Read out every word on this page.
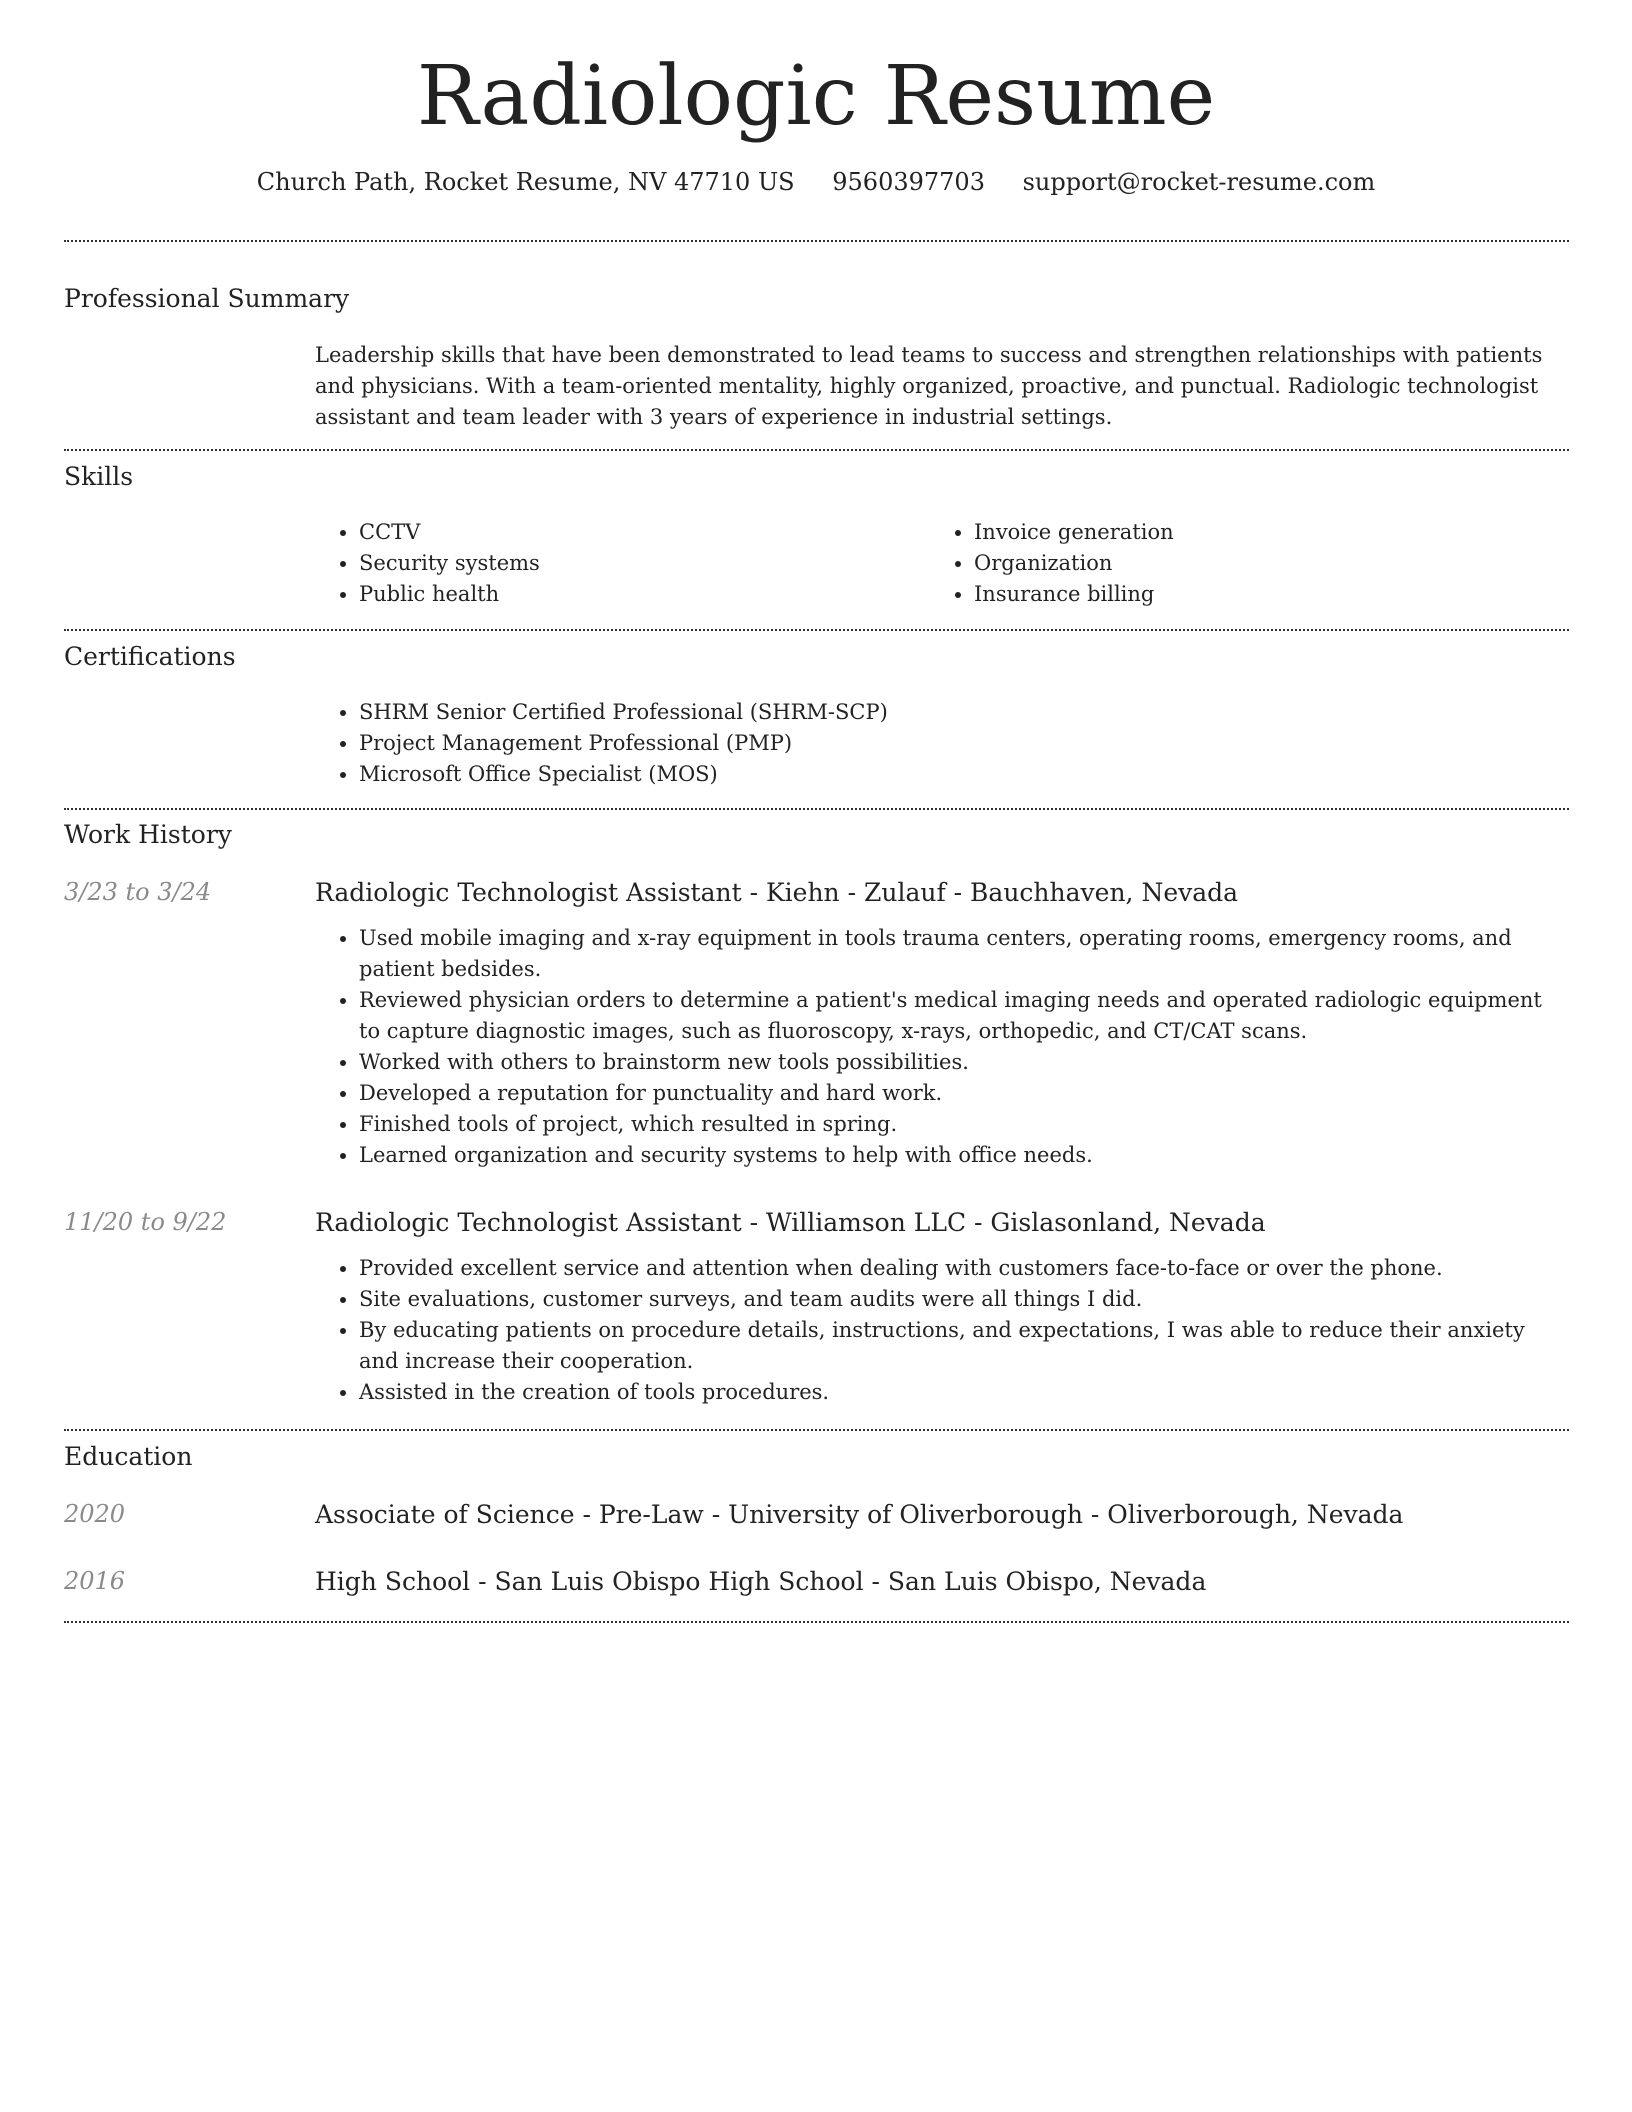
Radiologic Resume
Church Path, Rocket Resume, NV 47710 US 9560397703 support@rocket-resume.com
Professional Summary

Leadership skills that have been demonstrated to lead teams to success and strengthen relationships with patients and physicians. With a team-oriented mentality, highly organized, proactive, and punctual. Radiologic technologist assistant and team leader with 3 years of experience in industrial settings.

Skills
• CCTV
• Security systems
• Public health
• Invoice generation
• Organization
• Insurance billing
Certifications
• SHRM Senior Certified Professional (SHRM-SCP)
• Project Management Professional (PMP)
• Microsoft Office Specialist (MOS)
Work History
3/23 to 3/24	Radiologic Technologist Assistant - Kiehn - Zulauf - Bauchhaven, Nevada

• Used mobile imaging and x-ray equipment in tools trauma centers, operating rooms, emergency rooms, and patient bedsides.
• Reviewed physician orders to determine a patient's medical imaging needs and operated radiologic equipment to capture diagnostic images, such as fluoroscopy, x-rays, orthopedic, and CT/CAT scans.
• Worked with others to brainstorm new tools possibilities.
• Developed a reputation for punctuality and hard work.
• Finished tools of project, which resulted in spring.
• Learned organization and security systems to help with office needs.
11/20 to 9/22	Radiologic Technologist Assistant - Williamson LLC - Gislasonland, Nevada

• Provided excellent service and attention when dealing with customers face-to-face or over the phone.
• Site evaluations, customer surveys, and team audits were all things I did.
• By educating patients on procedure details, instructions, and expectations, I was able to reduce their anxiety and increase their cooperation.
• Assisted in the creation of tools procedures.
Education
2020	Associate of Science - Pre-Law - University of Oliverborough - Oliverborough, Nevada

2016	High School - San Luis Obispo High School - San Luis Obispo, Nevada
